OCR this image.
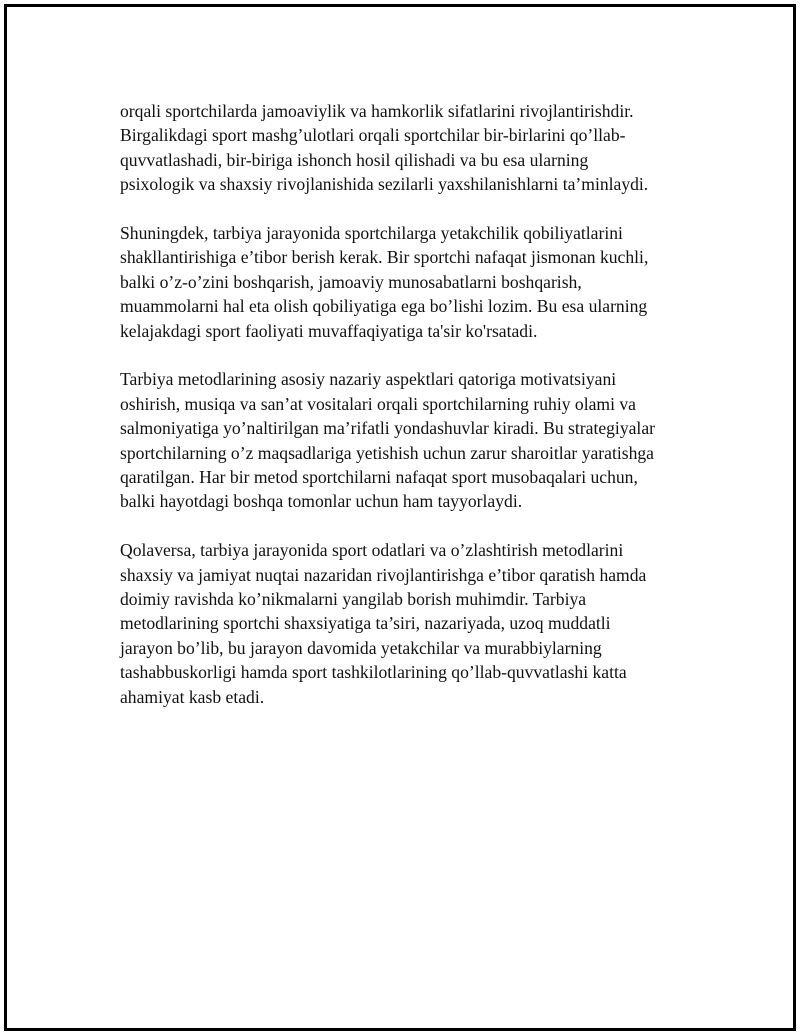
orqali sportchilarda jamoaviylik va hamkorlik sifatlarini rivojlantirishdir.
Birgalikdagi sport mashg’ulotlari orqali sportchilar bir-birlarini qo’llab-
quvvatlashadi, bir-biriga ishonch hosil qilishadi va bu esa ularning
psixologik va shaxsiy rivojlanishida sezilarli yaxshilanishlarni ta’minlaydi.

Shuningdek, tarbiya jarayonida sportchilarga yetakchilik qobiliyatlarini
shakllantirishiga e’tibor berish kerak. Bir sportchi nafaqat jismonan kuchli,
balki o’z-o’zini boshqarish, jamoaviy munosabatlarni boshqarish,
muammolarni hal eta olish qobiliyatiga ega bo’lishi lozim. Bu esa ularning
kelajakdagi sport faoliyati muvaffaqiyatiga ta'sir ko'rsatadi.

Tarbiya metodlarining asosiy nazariy aspektlari qatoriga motivatsiyani
oshirish, musiqa va san’at vositalari orqali sportchilarning ruhiy olami va
salmoniyatiga yo’naltirilgan ma’rifatli yondashuvlar kiradi. Bu strategiyalar
sportchilarning o’z maqsadlariga yetishish uchun zarur sharoitlar yaratishga
qaratilgan. Har bir metod sportchilarni nafaqat sport musobaqalari uchun,
balki hayotdagi boshqa tomonlar uchun ham tayyorlaydi.

Qolaversa, tarbiya jarayonida sport odatlari va o’zlashtirish metodlarini
shaxsiy va jamiyat nuqtai nazaridan rivojlantirishga e’tibor qaratish hamda
doimiy ravishda ko’nikmalarni yangilab borish muhimdir. Tarbiya
metodlarining sportchi shaxsiyatiga ta’siri, nazariyada, uzoq muddatli
jarayon bo’lib, bu jarayon davomida yetakchilar va murabbiylarning
tashabbuskorligi hamda sport tashkilotlarining qo’llab-quvvatlashi katta
ahamiyat kasb etadi.
